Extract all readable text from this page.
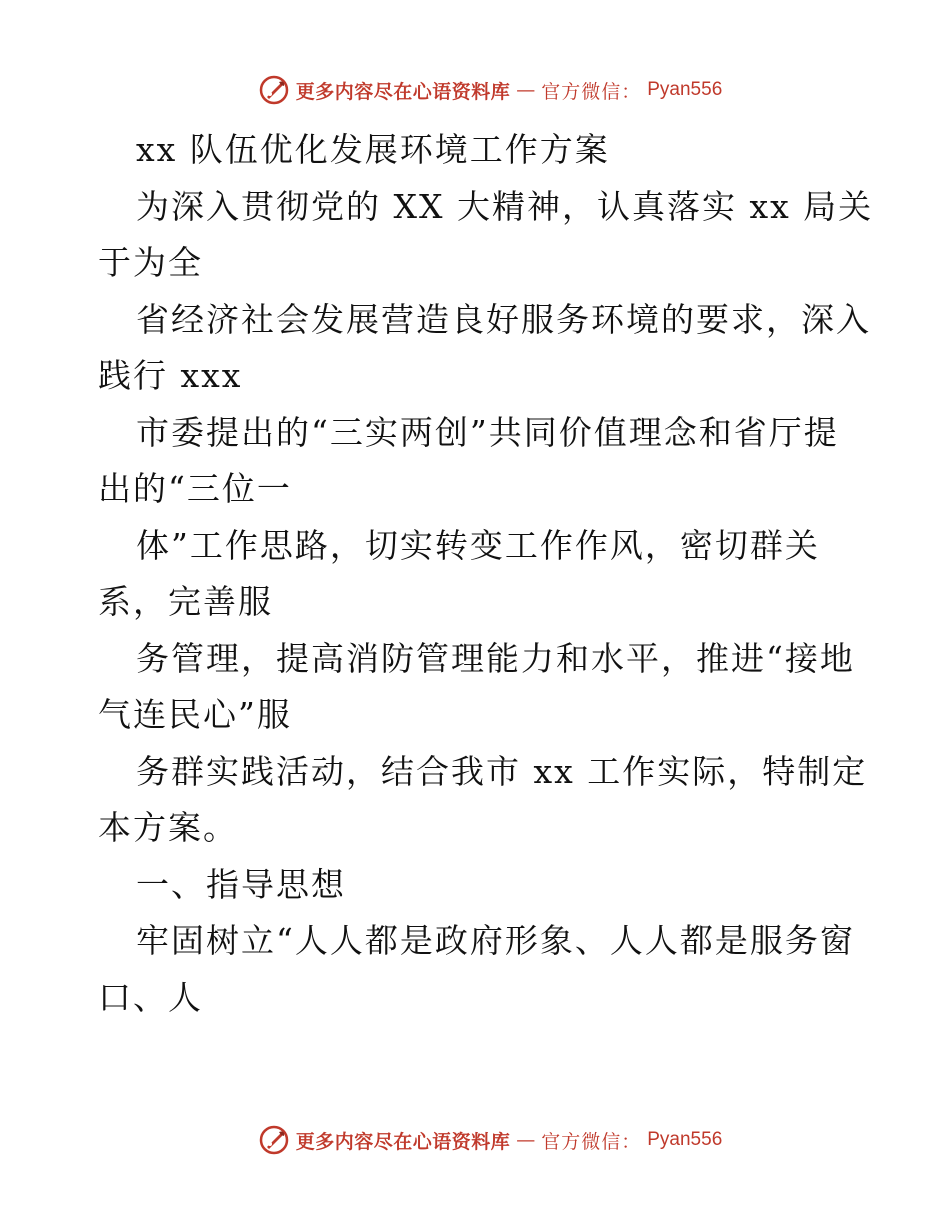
更多内容尽在心语资料库 — 官方微信： Pyan556
xx 队伍优化发展环境工作方案
为深入贯彻党的 XX 大精神，认真落实 xx 局关
于为全
省经济社会发展营造良好服务环境的要求，深入
践行 xxx
市委提出的“三实两创”共同价值理念和省厅提
出的“三位一
体”工作思路，切实转变工作作风，密切群关
系，完善服
务管理，提高消防管理能力和水平，推进“接地
气连民心”服
务群实践活动，结合我市 xx 工作实际，特制定
本方案。
一、指导思想
牢固树立“人人都是政府形象、人人都是服务窗
口、人
更多内容尽在心语资料库 — 官方微信： Pyan556
